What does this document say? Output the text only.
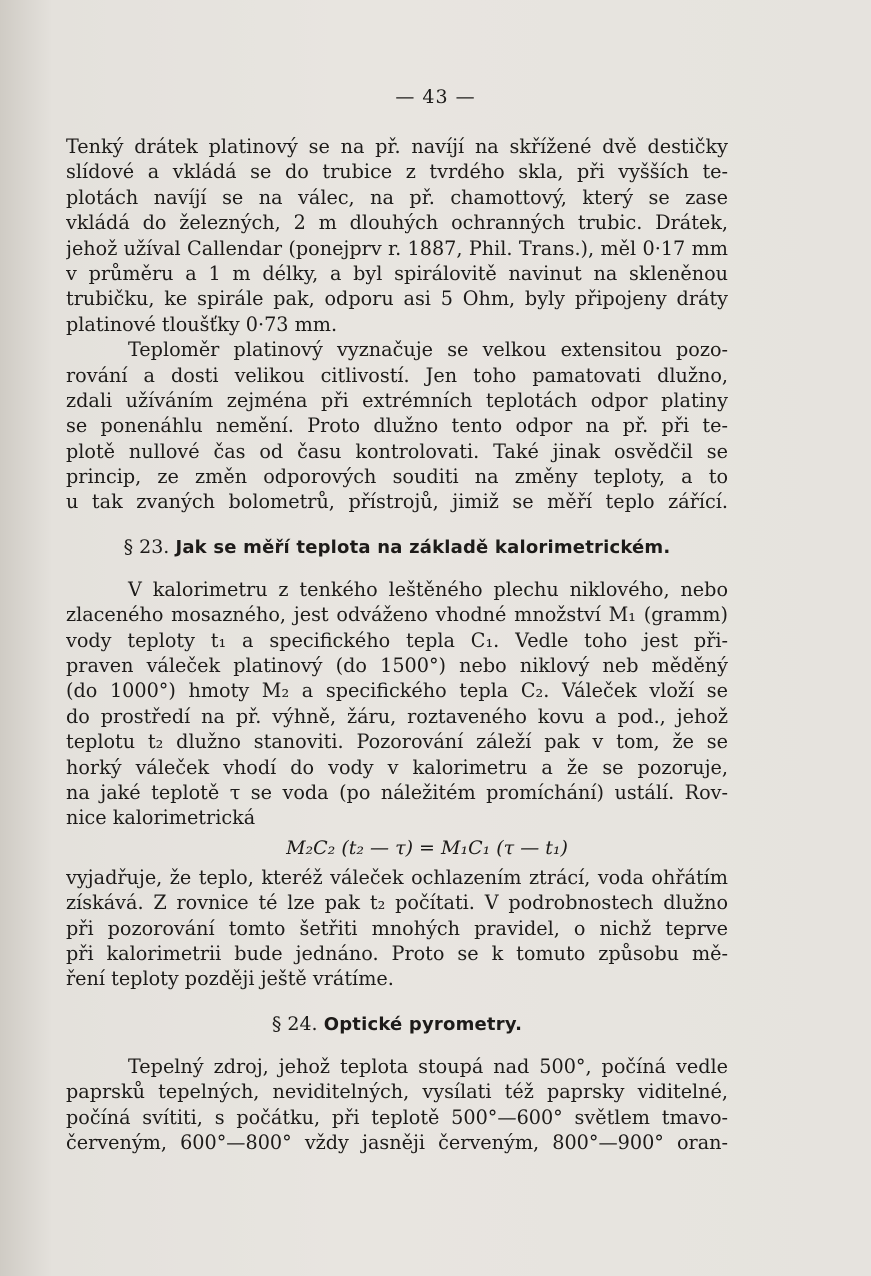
— 43 —
Tenký drátek platinový se na př. navíjí na skřížené dvě destičky
slídové a vkládá se do trubice z tvrdého skla, při vyšších te-
plotách navíjí se na válec, na př. chamottový, který se zase
vkládá do železných, 2 m dlouhých ochranných trubic. Drátek,
jehož užíval Callendar (ponejprv r. 1887, Phil. Trans.), měl 0·17 mm
v průměru a 1 m délky, a byl spirálovitě navinut na skleněnou
trubičku, ke spirále pak, odporu asi 5 Ohm, byly připojeny dráty
platinové tloušťky 0·73 mm.
Teploměr platinový vyznačuje se velkou extensitou pozo-
rování a dosti velikou citlivostí. Jen toho pamatovati dlužno,
zdali užíváním zejména při extrémních teplotách odpor platiny
se ponenáhlu nemění. Proto dlužno tento odpor na př. při te-
plotě nullové čas od času kontrolovati. Také jinak osvědčil se
princip, ze změn odporových souditi na změny teploty, a to
u tak zvaných bolometrů, přístrojů, jimiž se měří teplo zářící.
§ 23. Jak se měří teplota na základě kalorimetrickém.
V kalorimetru z tenkého leštěného plechu niklového, nebo
zlaceného mosazného, jest odváženo vhodné množství M₁ (gramm)
vody teploty t₁ a specifického tepla C₁. Vedle toho jest při-
praven váleček platinový (do 1500°) nebo niklový neb měděný
(do 1000°) hmoty M₂ a specifického tepla C₂. Váleček vloží se
do prostředí na př. výhně, žáru, roztaveného kovu a pod., jehož
teplotu t₂ dlužno stanoviti. Pozorování záleží pak v tom, že se
horký váleček vhodí do vody v kalorimetru a že se pozoruje,
na jaké teplotě τ se voda (po náležitém promíchání) ustálí. Rov-
nice kalorimetrická
M₂C₂ (t₂ — τ) = M₁C₁ (τ — t₁)
vyjadřuje, že teplo, kteréž váleček ochlazením ztrácí, voda ohřátím
získává. Z rovnice té lze pak t₂ počítati. V podrobnostech dlužno
při pozorování tomto šetřiti mnohých pravidel, o nichž teprve
při kalorimetrii bude jednáno. Proto se k tomuto způsobu mě-
ření teploty později ještě vrátíme.
§ 24. Optické pyrometry.
Tepelný zdroj, jehož teplota stoupá nad 500°, počíná vedle
paprsků tepelných, neviditelných, vysílati též paprsky viditelné,
počíná svítiti, s počátku, při teplotě 500°—600° světlem tmavo-
červeným, 600°—800° vždy jasněji červeným, 800°—900° oran-
